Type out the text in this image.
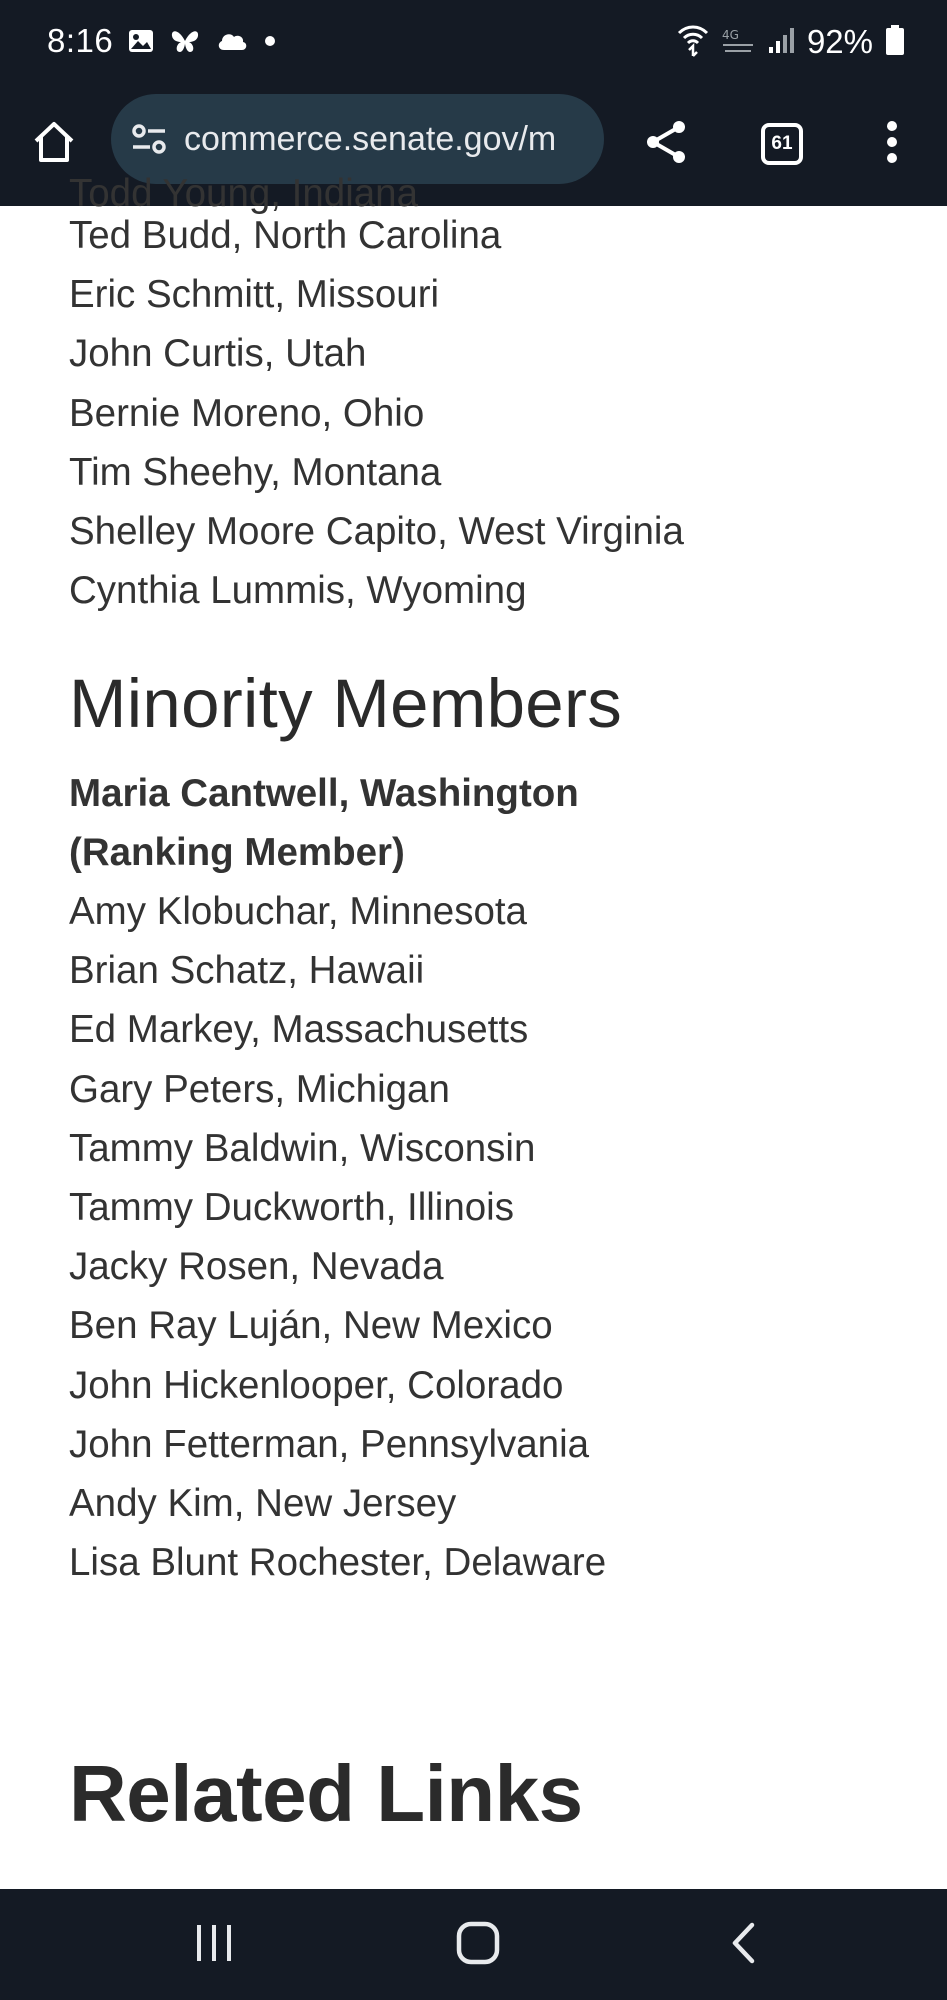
8:16	4G 92%
61
commerce.senate.gov/m
Todd Young, Indiana
Ted Budd, North Carolina
Eric Schmitt, Missouri
John Curtis, Utah
Bernie Moreno, Ohio
Tim Sheehy, Montana
Shelley Moore Capito, West Virginia
Cynthia Lummis, Wyoming
Minority Members
Maria Cantwell, Washington (Ranking Member)
Amy Klobuchar, Minnesota
Brian Schatz, Hawaii
Ed Markey, Massachusetts
Gary Peters, Michigan
Tammy Baldwin, Wisconsin
Tammy Duckworth, Illinois
Jacky Rosen, Nevada
Ben Ray Luján, New Mexico
John Hickenlooper, Colorado
John Fetterman, Pennsylvania
Andy Kim, New Jersey
Lisa Blunt Rochester, Delaware
Related Links
